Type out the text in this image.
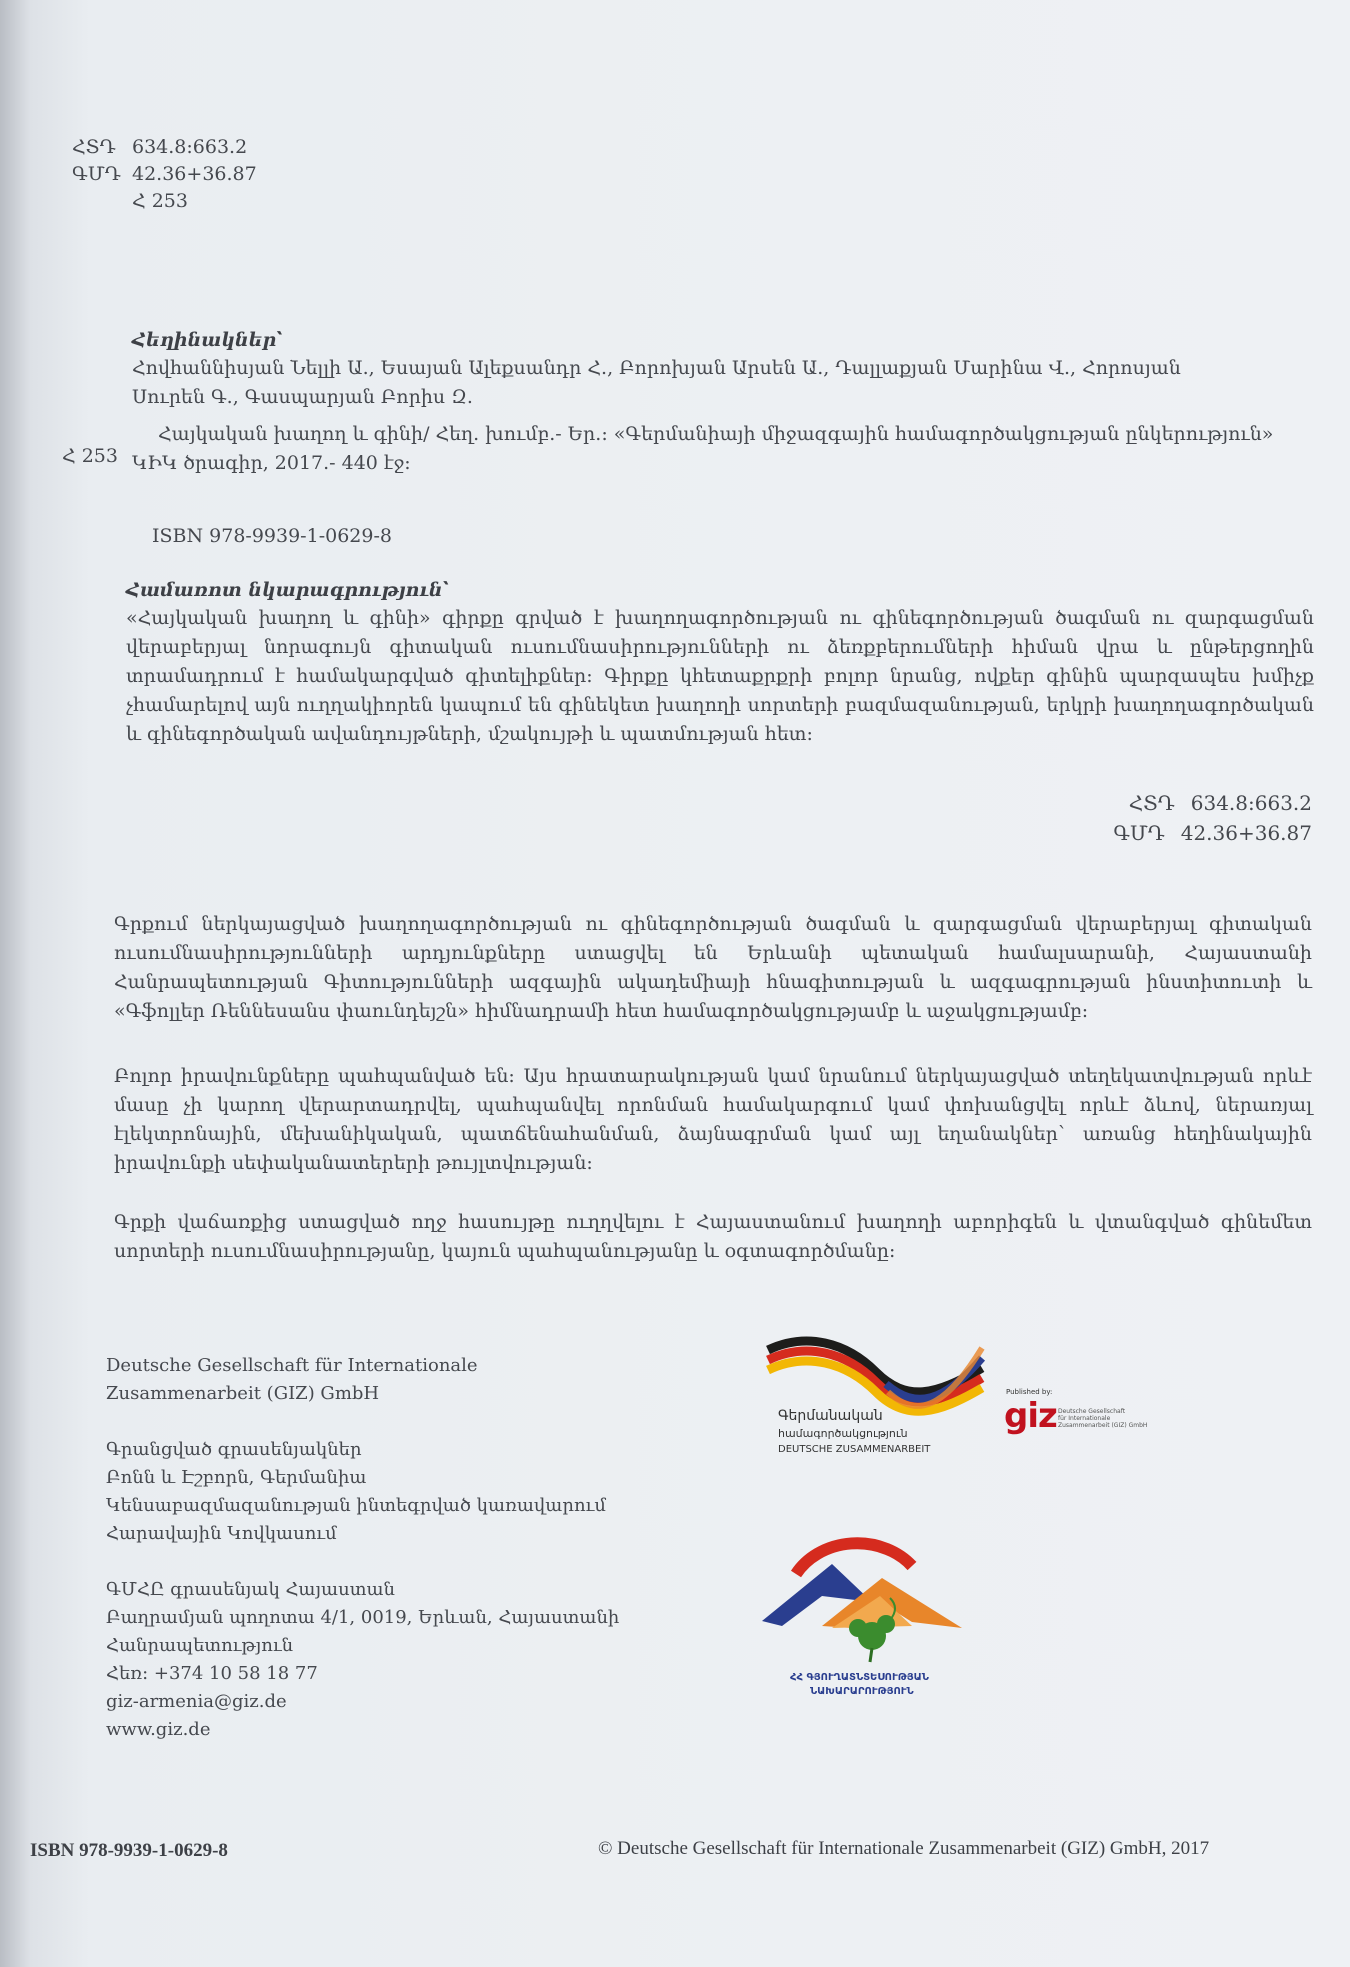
ՀՏԴ 634.8:663.2
ԳՄԴ 42.36+36.87
Հ 253
Հեղինակներ՝

Հովհաննիսյան Նելլի Ա., Եսայան Ալեքսանդր Հ., Բորոխյան Արսեն Ա., Դալլաքյան Մարինա Վ., Հորոսյան Սուրեն Գ., Գասպարյան Բորիս Զ.

Հ 253

Հայկական խաղող և գինի/ Հեղ. խումբ.- Եր.: «Գերմանիայի միջազգային համագործակցության ընկերություն» ԿԻԿ ծրագիր, 2017.- 440 էջ:

ISBN 978-9939-1-0629-8
Համառոտ նկարագրություն՝

«Հայկական խաղող և գինի» գիրքը գրված է խաղողագործության ու գինեգործության ծագման ու զարգացման վերաբերյալ նորագույն գիտական ուսումնասիրությունների ու ձեռքբերումների հիման վրա և ընթերցողին տրամադրում է համակարգված գիտելիքներ: Գիրքը կհետաքրքրի բոլոր նրանց, ովքեր գինին պարզապես խմիչք չհամարելով այն ուղղակիորեն կապում են գինեկետ խաղողի սորտերի բազմազանության, երկրի խաղողագործական և գինեգործական ավանդույթների, մշակույթի և պատմության հետ:

ՀՏԴ 634.8:663.2
ԳՄԴ 42.36+36.87

Գրքում ներկայացված խաղողագործության ու գինեգործության ծագման և զարգացման վերաբերյալ գիտական ուսումնասիրությունների արդյունքները ստացվել են Երևանի պետական համալսարանի, Հայաստանի Հանրապետության Գիտությունների ազգային ակադեմիայի հնագիտության և ազգագրության ինստիտուտի և «Գֆոլլեր Ռեննեսանս փաունդեյշն» հիմնադրամի հետ համագործակցությամբ և աջակցությամբ:

Բոլոր իրավունքները պահպանված են: Այս հրատարակության կամ նրանում ներկայացված տեղեկատվության որևէ մասը չի կարող վերարտադրվել, պահպանվել որոնման համակարգում կամ փոխանցվել որևէ ձևով, ներառյալ էլեկտրոնային, մեխանիկական, պատճենահանման, ձայնագրման կամ այլ եղանակներ՝ առանց հեղինակային իրավունքի սեփականատերերի թույլտվության:

Գրքի վաճառքից ստացված ողջ հասույթը ուղղվելու է Հայաստանում խաղողի աբորիգեն և վտանգված գինեմետ սորտերի ուսումնասիրությանը, կայուն պահպանությանը և օգտագործմանը:

Deutsche Gesellschaft für Internationale
Zusammenarbeit (GIZ) GmbH
Գրանցված գրասենյակներ
Բոնն և Էշբորն, Գերմանիա
Կենսաբազմազանության ինտեգրված կառավարում
Հարավային Կովկասում
ԳՄՀԸ գրասենյակ Հայաստան
Բաղրամյան պողոտա 4/1, 0019, Երևան, Հայաստանի
Հանրապետություն
Հեռ: +374 10 58 18 77
giz-armenia@giz.de
www.giz.de
Գերմանական
համագործակցություն
DEUTSCHE ZUSAMMENARBEIT
Published by:
giz Deutsche Gesellschaft
für Internationale
Zusammenarbeit (GIZ) GmbH
ՀՀ ԳՅՈՒՂԱՏՆՏԵՍՈՒԹՅԱՆ
ՆԱԽԱՐԱՐՈՒԹՅՈՒՆ
ISBN 978-9939-1-0629-8	© Deutsche Gesellschaft für Internationale Zusammenarbeit (GIZ) GmbH, 2017
